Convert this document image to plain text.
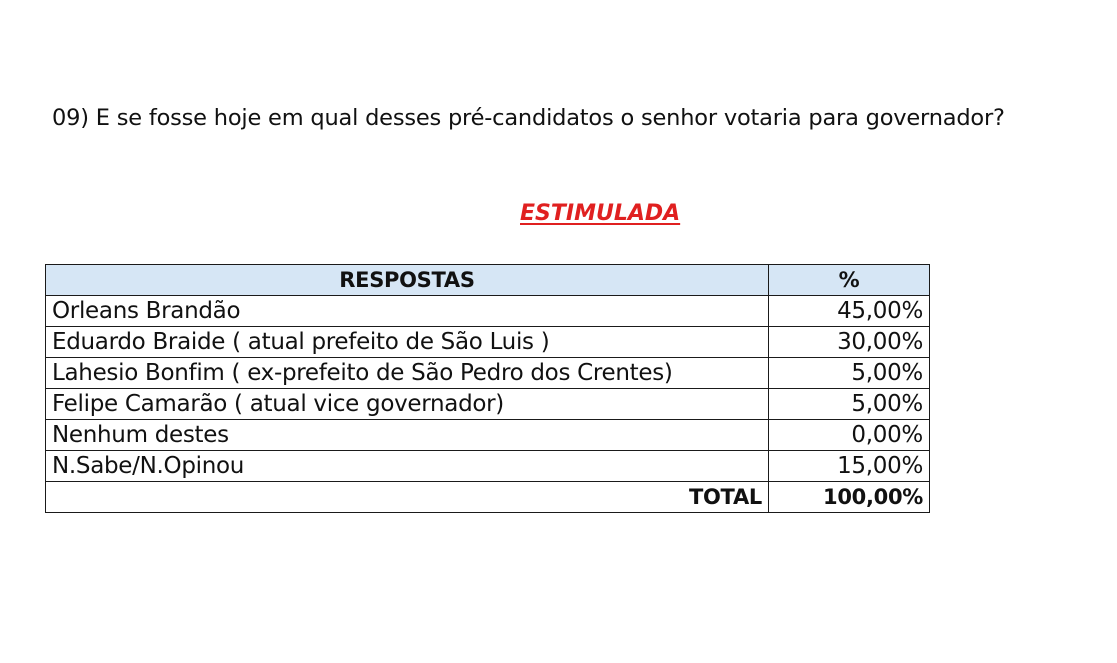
09) E se fosse hoje em qual desses pré-candidatos o senhor votaria para governador?
ESTIMULADA
RESPOSTAS	%
Orleans Brandão	45,00%
Eduardo Braide ( atual prefeito de São Luis )	30,00%
Lahesio Bonfim ( ex-prefeito de São Pedro dos Crentes)	5,00%
Felipe Camarão ( atual vice governador)	5,00%
Nenhum destes	0,00%
N.Sabe/N.Opinou	15,00%
TOTAL	100,00%
